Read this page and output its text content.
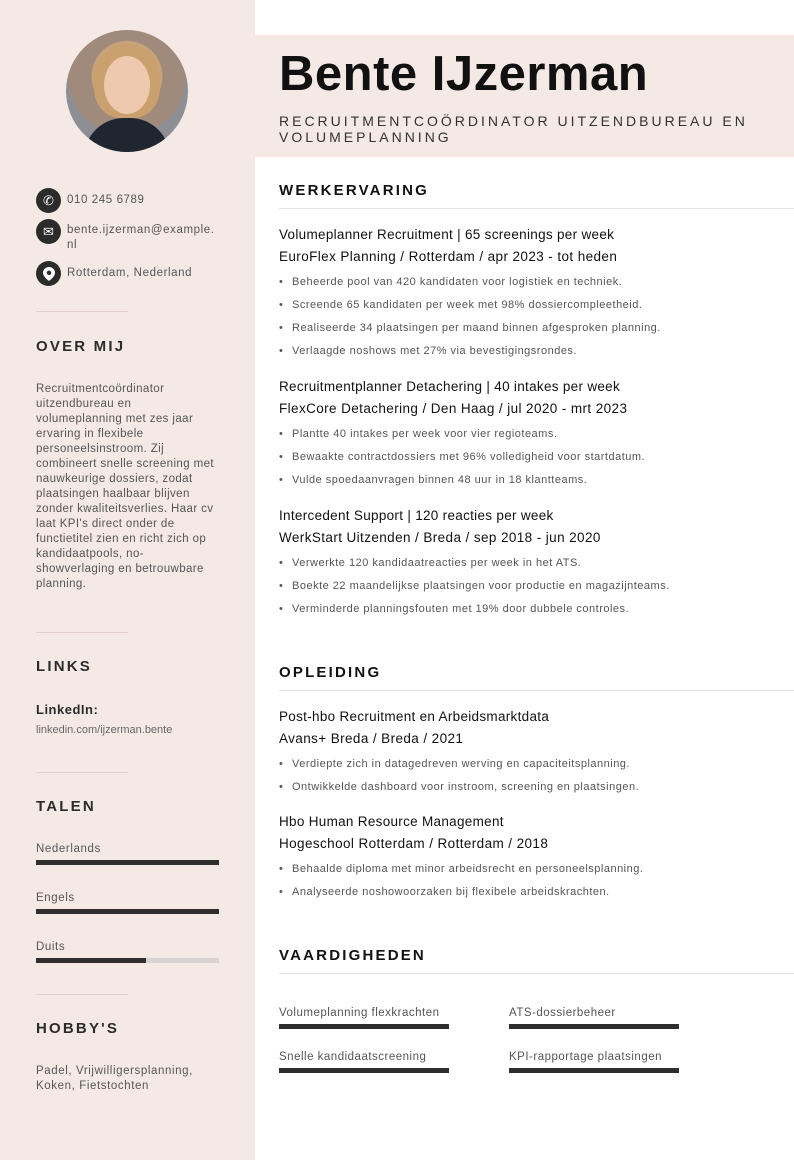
✆	010 245 6789
✉	bente.ijzerman@example.nl
Rotterdam, Nederland
OVER MIJ
Recruitmentcoördinator uitzendbureau en volumeplanning met zes jaar ervaring in flexibele personeelsinstroom. Zij combineert snelle screening met nauwkeurige dossiers, zodat plaatsingen haalbaar blijven zonder kwaliteitsverlies. Haar cv laat KPI's direct onder de functietitel zien en richt zich op kandidaatpools, no-showverlaging en betrouwbare planning.
LINKS
LinkedIn:
linkedin.com/ijzerman.bente
TALEN
Nederlands
Engels
Duits
HOBBY'S
Padel, Vrijwilligersplanning, Koken, Fietstochten
Bente IJzerman
RECRUITMENTCOÖRDINATOR UITZENDBUREAU EN VOLUMEPLANNING
WERKERVARING
Volumeplanner Recruitment | 65 screenings per week
EuroFlex Planning / Rotterdam / apr 2023 - tot heden
• Beheerde pool van 420 kandidaten voor logistiek en techniek.
• Screende 65 kandidaten per week met 98% dossiercompleetheid.
• Realiseerde 34 plaatsingen per maand binnen afgesproken planning.
• Verlaagde noshows met 27% via bevestigingsrondes.
Recruitmentplanner Detachering | 40 intakes per week
FlexCore Detachering / Den Haag / jul 2020 - mrt 2023
• Plantte 40 intakes per week voor vier regioteams.
• Bewaakte contractdossiers met 96% volledigheid voor startdatum.
• Vulde spoedaanvragen binnen 48 uur in 18 klantteams.
Intercedent Support | 120 reacties per week
WerkStart Uitzenden / Breda / sep 2018 - jun 2020
• Verwerkte 120 kandidaatreacties per week in het ATS.
• Boekte 22 maandelijkse plaatsingen voor productie en magazijnteams.
• Verminderde planningsfouten met 19% door dubbele controles.
OPLEIDING
Post-hbo Recruitment en Arbeidsmarktdata
Avans+ Breda / Breda / 2021
• Verdiepte zich in datagedreven werving en capaciteitsplanning.
• Ontwikkelde dashboard voor instroom, screening en plaatsingen.
Hbo Human Resource Management
Hogeschool Rotterdam / Rotterdam / 2018
• Behaalde diploma met minor arbeidsrecht en personeelsplanning.
• Analyseerde noshowoorzaken bij flexibele arbeidskrachten.
VAARDIGHEDEN
Volumeplanning flexkrachten	ATS-dossierbeheer
Snelle kandidaatscreening	KPI-rapportage plaatsingen
